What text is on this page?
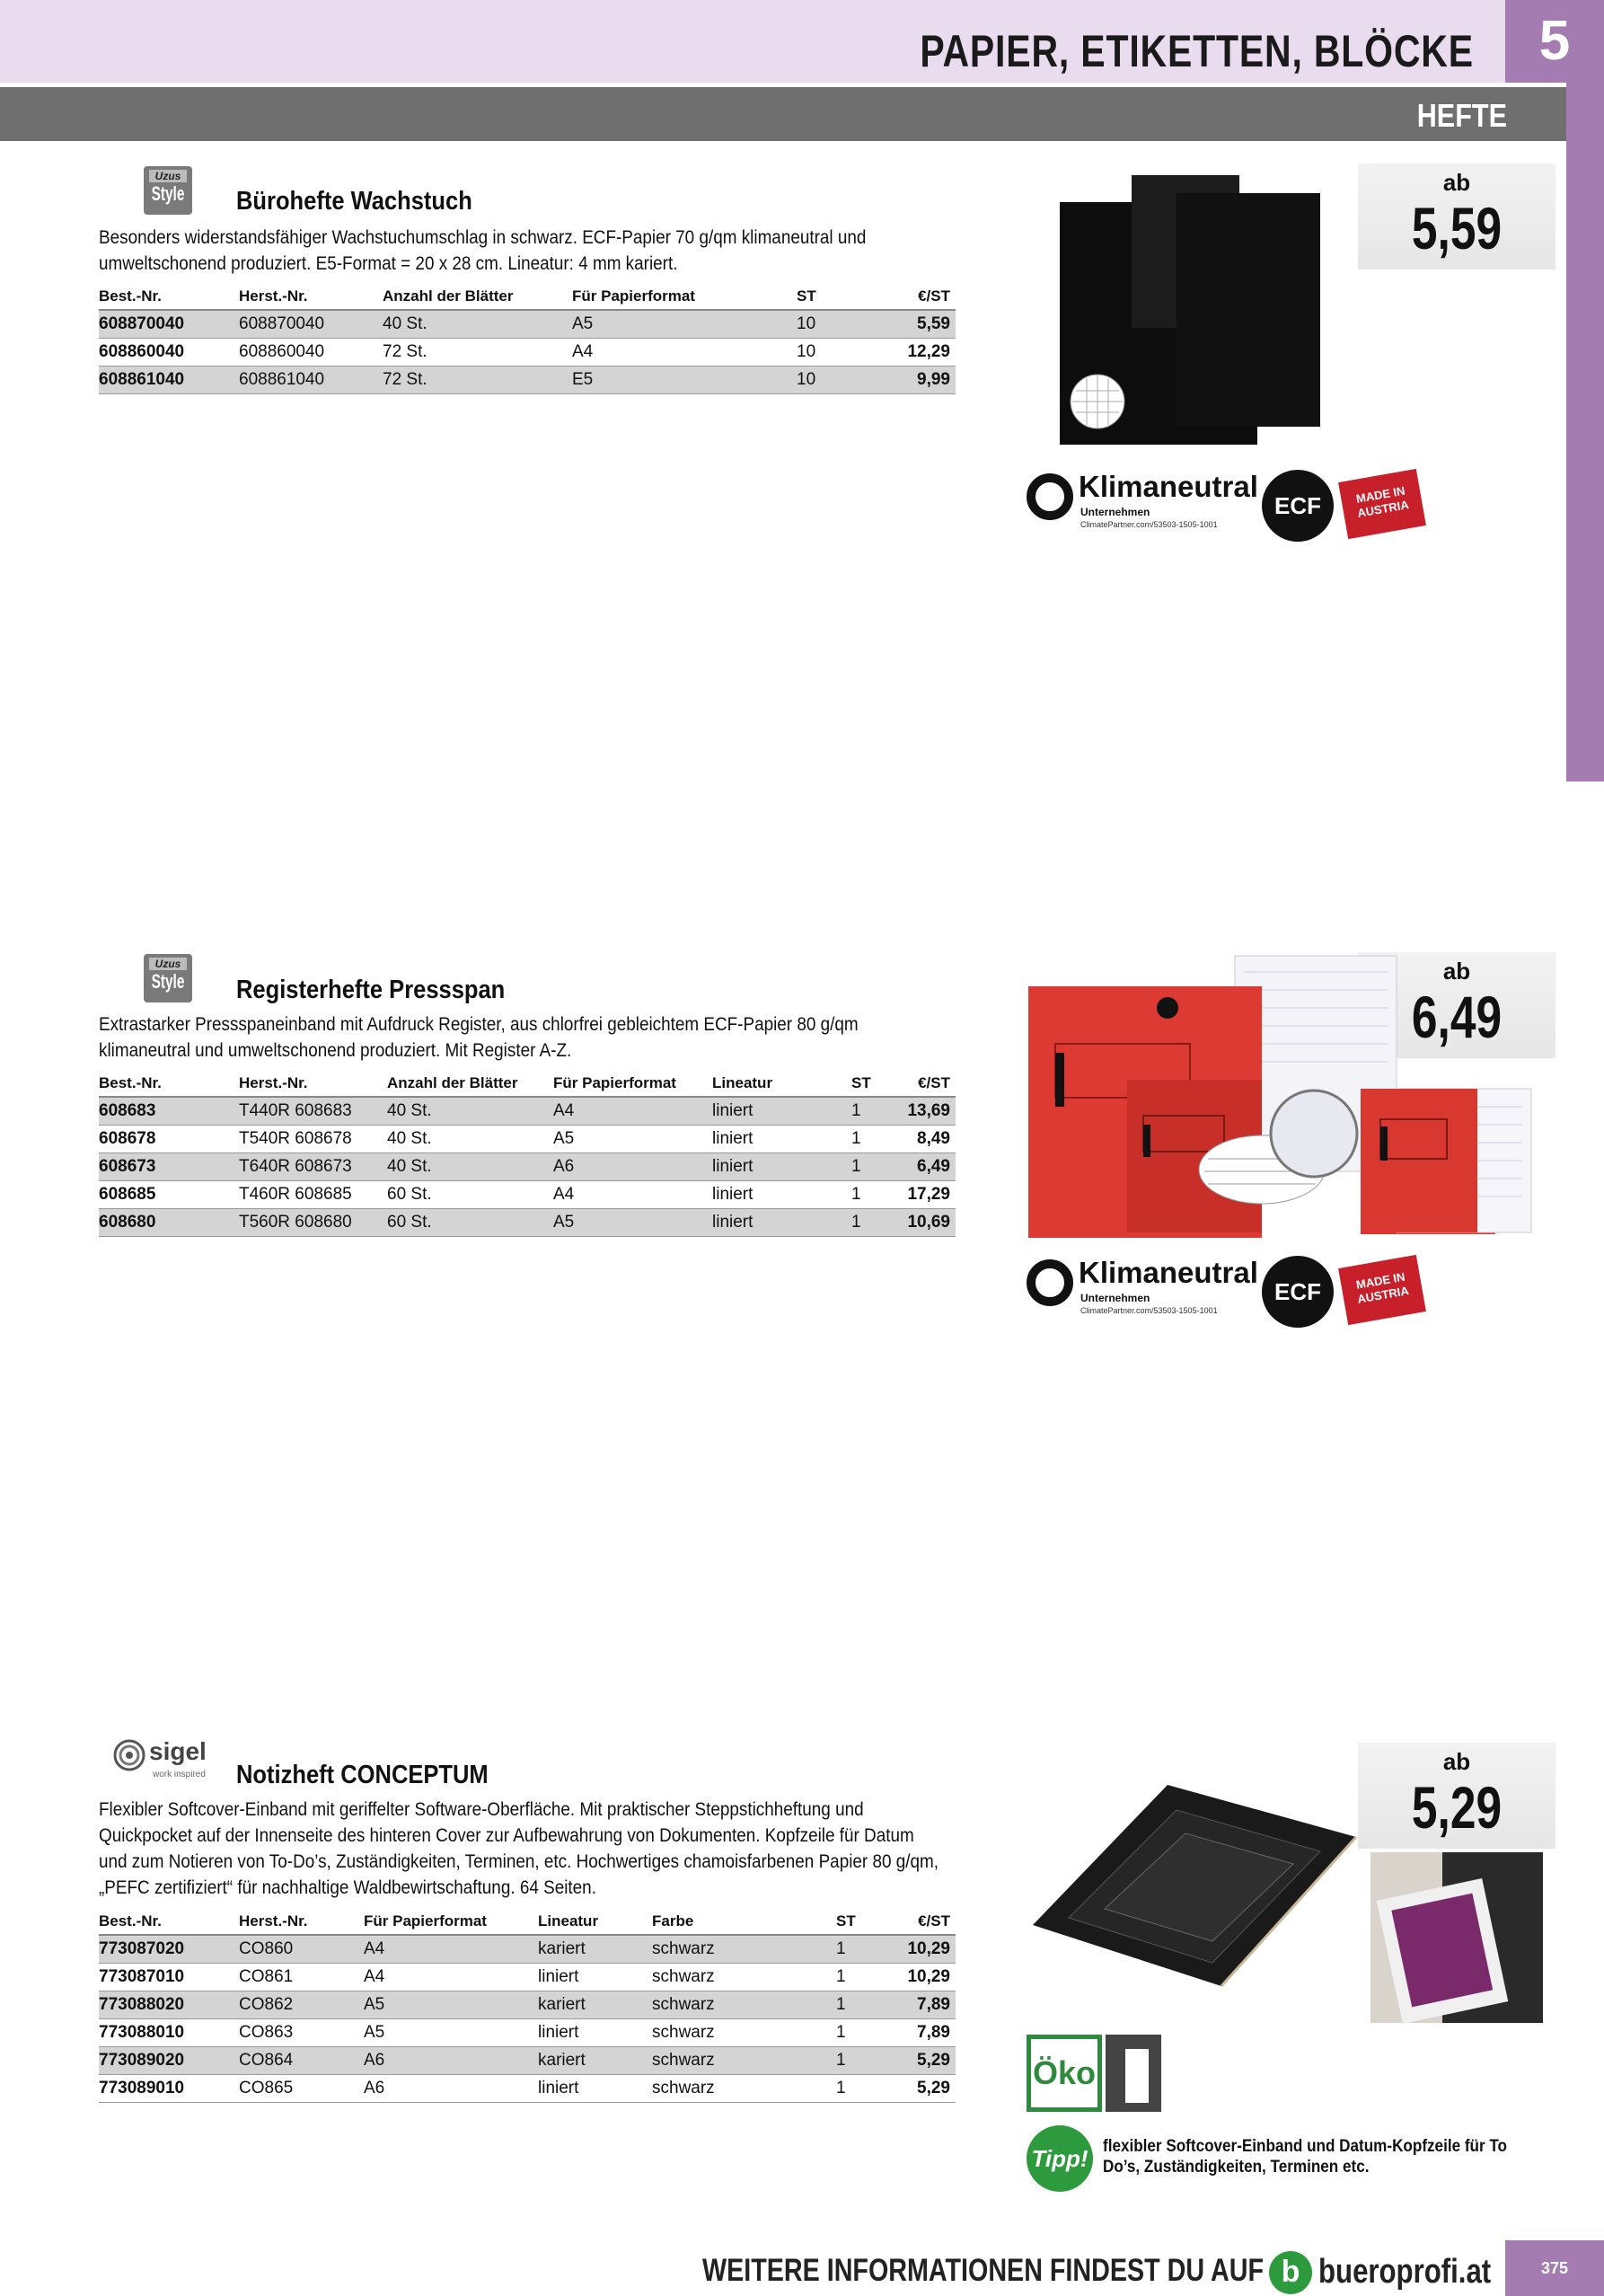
PAPIER, ETIKETTEN, BLÖCKE	5
HEFTE
Uzus
Style Bürohefte Wachstuch
Besonders widerstandsfähiger Wachstuchumschlag in schwarz. ECF-Papier 70 g/qm klimaneutral und umweltschonend produziert. E5-Format = 20 x 28 cm. Lineatur: 4 mm kariert.
Best.-Nr.	Herst.-Nr.	Anzahl der Blätter	Für Papierformat	ST	€/ST
608870040	608870040	40 St.	A5	10	5,59
608860040	608860040	72 St.	A4	10	12,29
608861040	608861040	72 St.	E5	10	9,99
ab
5,59
Klimaneutral
Unternehmen
ClimatePartner.com/53503-1505-1001
ECF	MADE IN AUSTRIA
Uzus
Style Registerhefte Pressspan
Extrastarker Pressspaneinband mit Aufdruck Register, aus chlorfrei gebleichtem ECF-Papier 80 g/qm klimaneutral und umweltschonend produziert. Mit Register A-Z.
Best.-Nr.	Herst.-Nr.	Anzahl der Blätter	Für Papierformat	Lineatur	ST	€/ST
608683	T440R 608683	40 St.	A4	liniert	1	13,69
608678	T540R 608678	40 St.	A5	liniert	1	8,49
608673	T640R 608673	40 St.	A6	liniert	1	6,49
608685	T460R 608685	60 St.	A4	liniert	1	17,29
608680	T560R 608680	60 St.	A5	liniert	1	10,69
ab
6,49
Klimaneutral
Unternehmen
ClimatePartner.com/53503-1505-1001
ECF	MADE IN AUSTRIA
sigel
work inspired Notizheft CONCEPTUM
Flexibler Softcover-Einband mit geriffelter Software-Oberfläche. Mit praktischer Steppstichheftung und Quickpocket auf der Innenseite des hinteren Cover zur Aufbewahrung von Dokumenten. Kopfzeile für Datum und zum Notieren von To-Do’s, Zuständigkeiten, Terminen, etc. Hochwertiges chamoisfarbenen Papier 80 g/qm, „PEFC zertifiziert“ für nachhaltige Waldbewirtschaftung. 64 Seiten.
Best.-Nr.	Herst.-Nr.	Für Papierformat	Lineatur	Farbe	ST	€/ST
773087020	CO860	A4	kariert	schwarz	1	10,29
773087010	CO861	A4	liniert	schwarz	1	10,29
773088020	CO862	A5	kariert	schwarz	1	7,89
773088010	CO863	A5	liniert	schwarz	1	7,89
773089020	CO864	A6	kariert	schwarz	1	5,29
773089010	CO865	A6	liniert	schwarz	1	5,29
ab
5,29
Öko
Tipp! flexibler Softcover-Einband und Datum-Kopfzeile für To Do’s, Zuständigkeiten, Terminen etc.
WEITERE INFORMATIONEN FINDEST DU AUF b bueroprofi.at	375
